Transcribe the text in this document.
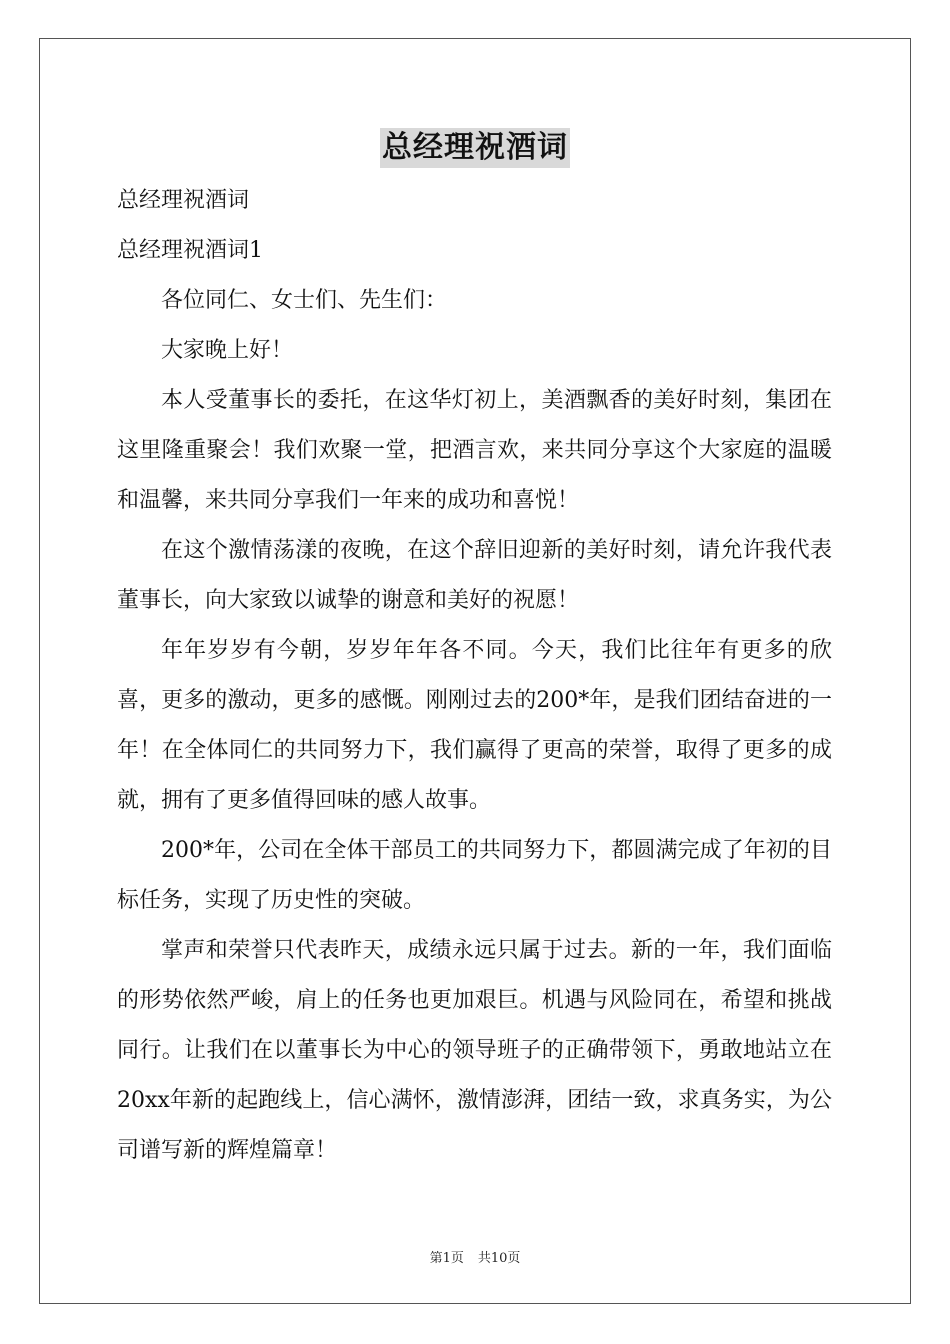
总经理祝酒词

总经理祝酒词

总经理祝酒词1

各位同仁、女士们、先生们：

大家晚上好！

本人受董事长的委托，在这华灯初上，美酒飘香的美好时刻，集团在这里隆重聚会！我们欢聚一堂，把酒言欢，来共同分享这个大家庭的温暖和温馨，来共同分享我们一年来的成功和喜悦！

在这个激情荡漾的夜晚，在这个辞旧迎新的美好时刻，请允许我代表董事长，向大家致以诚挚的谢意和美好的祝愿！

年年岁岁有今朝，岁岁年年各不同。今天，我们比往年有更多的欣喜，更多的激动，更多的感慨。刚刚过去的200*年，是我们团结奋进的一年！在全体同仁的共同努力下，我们赢得了更高的荣誉，取得了更多的成就，拥有了更多值得回味的感人故事。

200*年，公司在全体干部员工的共同努力下，都圆满完成了年初的目标任务，实现了历史性的突破。

掌声和荣誉只代表昨天，成绩永远只属于过去。新的一年，我们面临的形势依然严峻，肩上的任务也更加艰巨。机遇与风险同在，希望和挑战同行。让我们在以董事长为中心的领导班子的正确带领下，勇敢地站立在20xx年新的起跑线上，信心满怀，激情澎湃，团结一致，求真务实，为公司谱写新的辉煌篇章！

第1页 共10页
